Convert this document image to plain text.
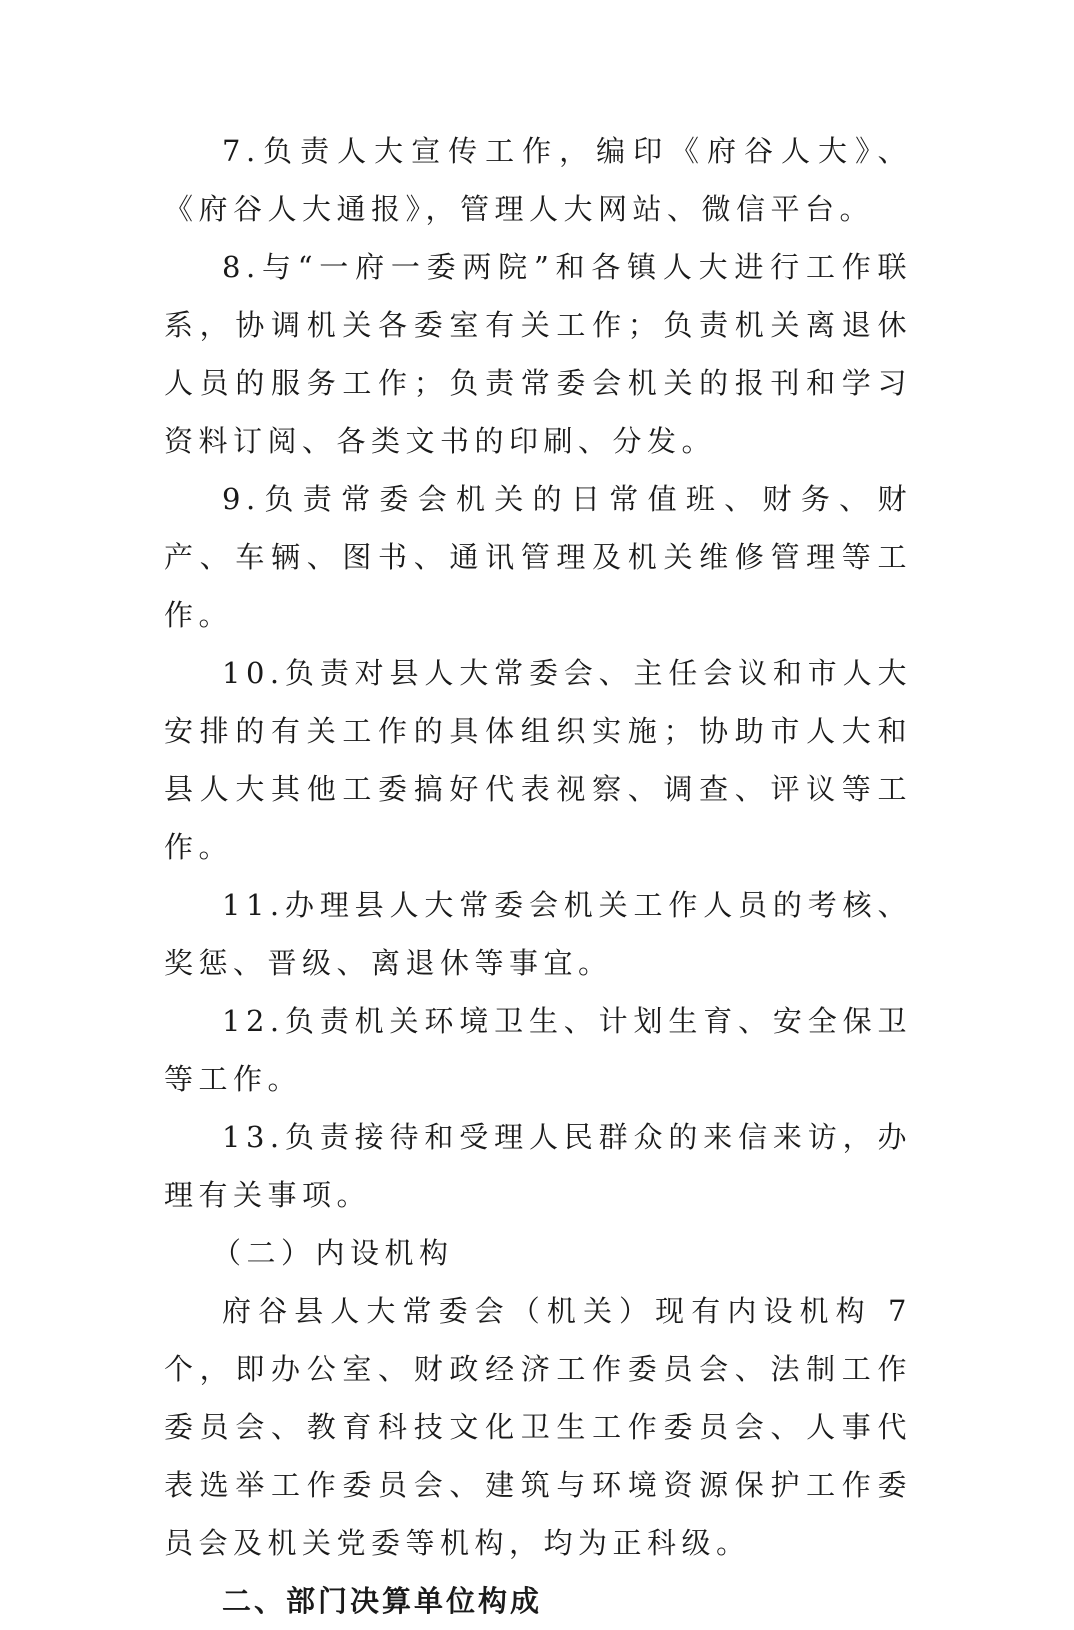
7.负责人大宣传工作，编印《府谷人大》、《府谷人大通报》，管理人大网站、微信平台。

8.与“一府一委两院”和各镇人大进行工作联系，协调机关各委室有关工作；负责机关离退休人员的服务工作；负责常委会机关的报刊和学习资料订阅、各类文书的印刷、分发。

9.负责常委会机关的日常值班、财务、财产、车辆、图书、通讯管理及机关维修管理等工作。

10.负责对县人大常委会、主任会议和市人大安排的有关工作的具体组织实施；协助市人大和县人大其他工委搞好代表视察、调查、评议等工作。

11.办理县人大常委会机关工作人员的考核、奖惩、晋级、离退休等事宜。

12.负责机关环境卫生、计划生育、安全保卫等工作。

13.负责接待和受理人民群众的来信来访，办理有关事项。

（二）内设机构

府谷县人大常委会（机关）现有内设机构 7 个，即办公室、财政经济工作委员会、法制工作委员会、教育科技文化卫生工作委员会、人事代表选举工作委员会、建筑与环境资源保护工作委员会及机关党委等机构，均为正科级。

二、部门决算单位构成
